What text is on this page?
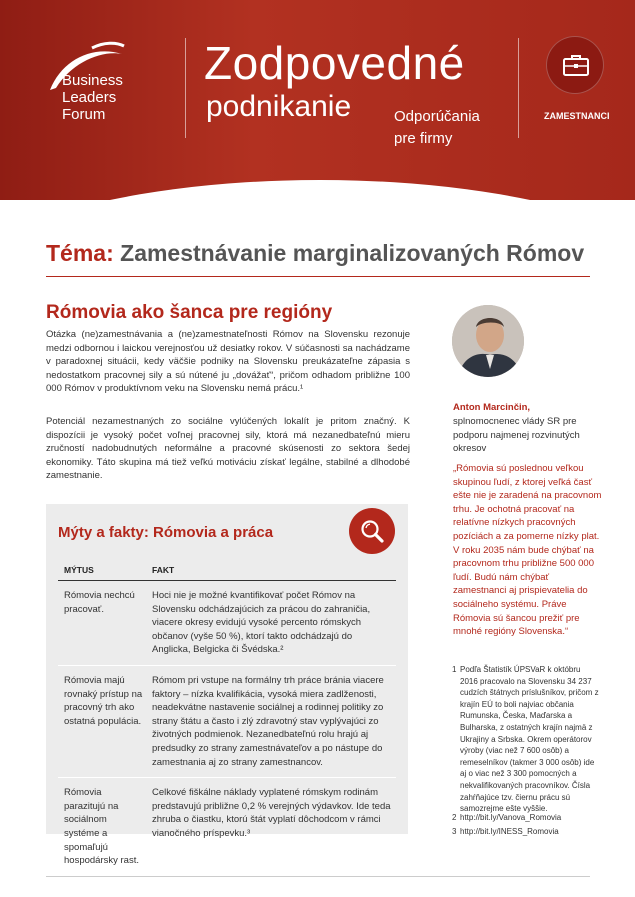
Business
Leaders
Forum
Zodpovedné
podnikanie	Odporúčania
pre firmy
ZAMESTNANCI
Téma: Zamestnávanie marginalizovaných Rómov
Rómovia ako šanca pre regióny
Otázka (ne)zamestnávania a (ne)zamestnateľnosti Rómov na Slovensku rezonuje medzi odbornou i laickou verejnosťou už desiatky rokov. V súčasnosti sa nachádzame v paradoxnej situácii, kedy väčšie podniky na Slovensku preukázateľne zápasia s nedostatkom pracovnej sily a sú nútené ju „dovážať“, pričom odhadom približne 100 000 Rómov v produktívnom veku na Slovensku nemá prácu.¹
Potenciál nezamestnaných zo sociálne vylúčených lokalít je pritom značný. K dispozícii je vysoký počet voľnej pracovnej sily, ktorá má nezanedbateľnú mieru zručností nadobudnutých neformálne a pracovné skúsenosti zo sektora šedej ekonomiky. Táto skupina má tiež veľkú motiváciu získať legálne, stabilné a dlhodobé zamestnanie.
Mýty a fakty: Rómovia a práca
MÝTUS	FAKT
Rómovia nechcú pracovať.
Hoci nie je možné kvantifikovať počet Rómov na Slovensku odchádzajúcich za prácou do zahraničia, viacere okresy evidujú vysoké percento rómskych občanov (vyše 50 %), ktorí takto odchádzajú do Anglicka, Belgicka či Švédska.²
Rómovia majú rovnaký prístup na pracovný trh ako ostatná populácia.
Rómom pri vstupe na formálny trh práce bránia viacere faktory – nízka kvalifikácia, vysoká miera zadlženosti, neadekvátne nastavenie sociálnej a rodinnej politiky zo strany štátu a často i zlý zdravotný stav vyplývajúci zo životných podmienok. Nezanedbateľnú rolu hrajú aj predsudky zo strany zamestnávateľov a po nástupe do zamestnania aj zo strany zamestnancov.
Rómovia parazitujú na sociálnom systéme a spomaľujú hospodársky rast.
Celkové fiškálne náklady vyplatené rómskym rodinám predstavujú približne 0,2 % verejných výdavkov. Ide teda zhruba o čiastku, ktorú štát vyplatí dôchodcom v rámci vianočného príspevku.³
Anton Marcinčin,
splnomocnenec vlády SR pre podporu najmenej rozvinutých okresov
„Rómovia sú poslednou veľkou skupinou ľudí, z ktorej veľká časť ešte nie je zaradená na pracovnom trhu. Je ochotná pracovať na relatívne nízkych pracovných pozíciách a za pomerne nízky plat. V roku 2035 nám bude chýbať na pracovnom trhu približne 500 000 ľudí. Budú nám chýbať zamestnanci aj prispievatelia do sociálneho systému. Práve Rómovia sú šancou prežiť pre mnohé regióny Slovenska.“
1 Podľa Štatistík ÚPSVaR k októbru 2016 pracovalo na Slovensku 34 237 cudzích štátnych príslušníkov, pričom z krajín EÚ to boli najviac občania Rumunska, Česka, Maďarska a Bulharska, z ostatných krajín najmä z Ukrajiny a Srbska. Okrem operátorov výroby (viac než 7 600 osôb) a remeselníkov (takmer 3 000 osôb) ide aj o viac než 3 300 pomocných a nekvalifikovaných pracovníkov. Čísla zahŕňajúce tzv. čiernu prácu sú samozrejme ešte vyššie.
2 http://bit.ly/Vanova_Romovia
3 http://bit.ly/INESS_Romovia
